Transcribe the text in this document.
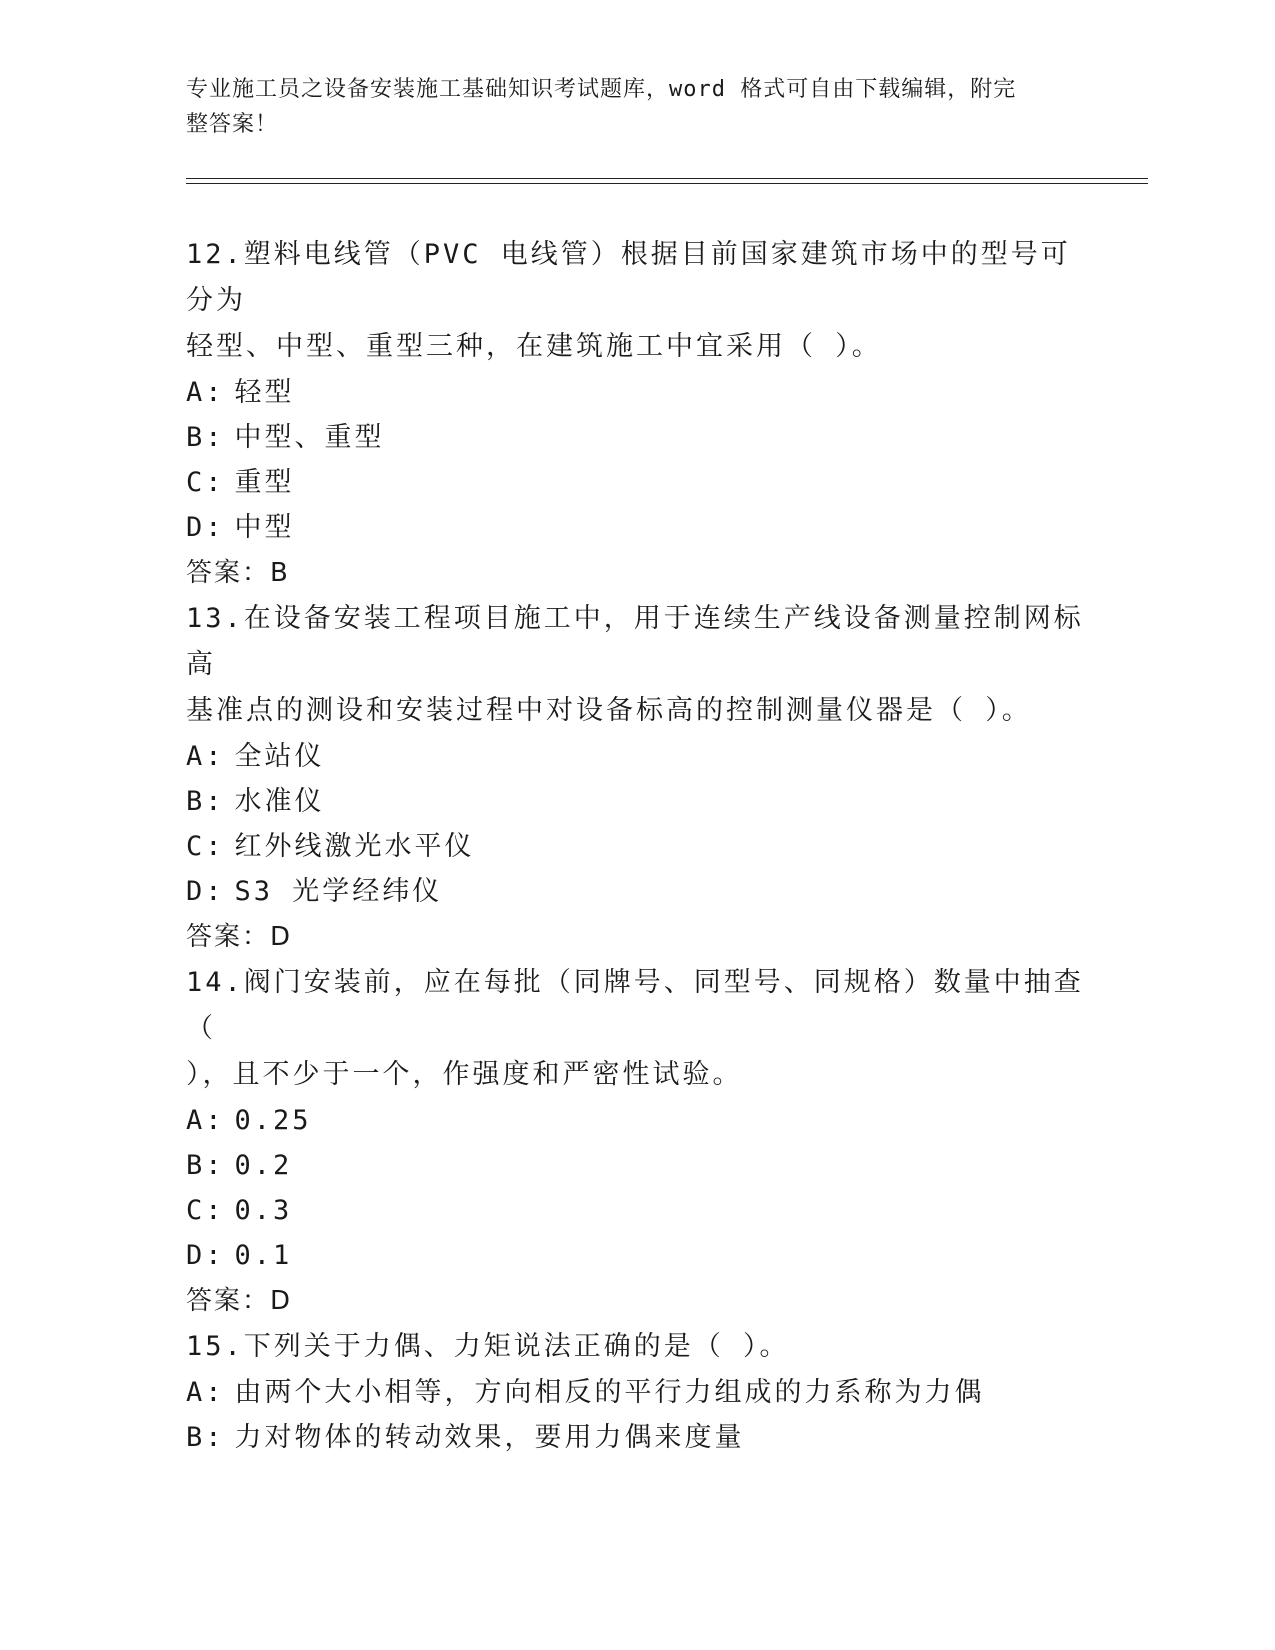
专业施工员之设备安装施工基础知识考试题库，word 格式可自由下载编辑，附完
整答案！

12.塑料电线管（PVC 电线管）根据目前国家建筑市场中的型号可分为

轻型、中型、重型三种，在建筑施工中宜采用（ ）。

A: 轻型

B: 中型、重型

C: 重型

D: 中型

答案：B

13.在设备安装工程项目施工中，用于连续生产线设备测量控制网标高

基准点的测设和安装过程中对设备标高的控制测量仪器是（ ）。

A: 全站仪

B: 水准仪

C: 红外线激光水平仪

D: S3 光学经纬仪

答案：D

14.阀门安装前，应在每批（同牌号、同型号、同规格）数量中抽查（

），且不少于一个，作强度和严密性试验。

A: 0.25

B: 0.2

C: 0.3

D: 0.1

答案：D

15.下列关于力偶、力矩说法正确的是（ ）。

A: 由两个大小相等，方向相反的平行力组成的力系称为力偶

B: 力对物体的转动效果，要用力偶来度量
